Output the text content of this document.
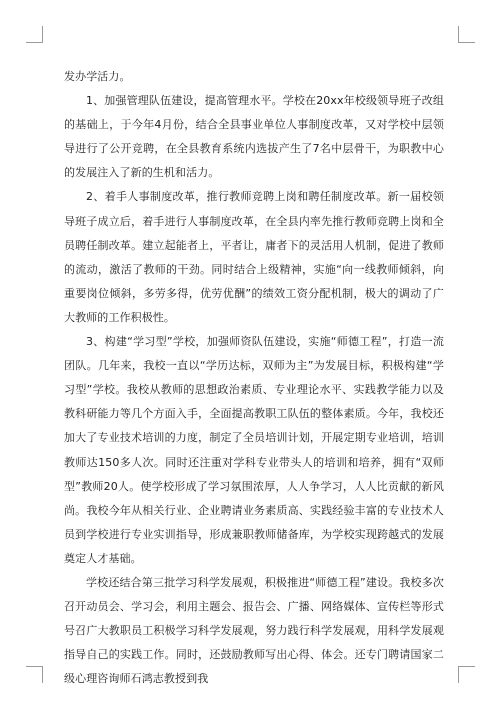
发办学活力。

1、加强管理队伍建设，提高管理水平。学校在20xx年校级领导班子改组的基础上，于今年4月份，结合全县事业单位人事制度改革，又对学校中层领导进行了公开竞聘，在全县教育系统内选拔产生了7名中层骨干，为职教中心的发展注入了新的生机和活力。

2、着手人事制度改革，推行教师竞聘上岗和聘任制度改革。新一届校领导班子成立后，着手进行人事制度改革，在全县内率先推行教师竞聘上岗和全员聘任制改革。建立起能者上，平者让，庸者下的灵活用人机制，促进了教师的流动，激活了教师的干劲。同时结合上级精神，实施“向一线教师倾斜，向重要岗位倾斜，多劳多得，优劳优酬”的绩效工资分配机制，极大的调动了广大教师的工作积极性。

3、构建“学习型”学校，加强师资队伍建设，实施“师德工程”，打造一流团队。几年来，我校一直以“学历达标，双师为主”为发展目标，积极构建“学习型”学校。我校从教师的思想政治素质、专业理论水平、实践教学能力以及教科研能力等几个方面入手，全面提高教职工队伍的整体素质。今年，我校还加大了专业技术培训的力度，制定了全员培训计划，开展定期专业培训，培训教师达150多人次。同时还注重对学科专业带头人的培训和培养，拥有“双师型”教师20人。使学校形成了学习氛围浓厚，人人争学习，人人比贡献的新风尚。我校今年从相关行业、企业聘请业务素质高、实践经验丰富的专业技术人员到学校进行专业实训指导，形成兼职教师储备库，为学校实现跨越式的发展奠定人才基础。

学校还结合第三批学习科学发展观，积极推进“师德工程”建设。我校多次召开动员会、学习会，利用主题会、报告会、广播、网络媒体、宣传栏等形式号召广大教职员工积极学习科学发展观，努力践行科学发展观，用科学发展观指导自己的实践工作。同时，还鼓励教师写出心得、体会。还专门聘请国家二级心理咨询师石鸿志教授到我
